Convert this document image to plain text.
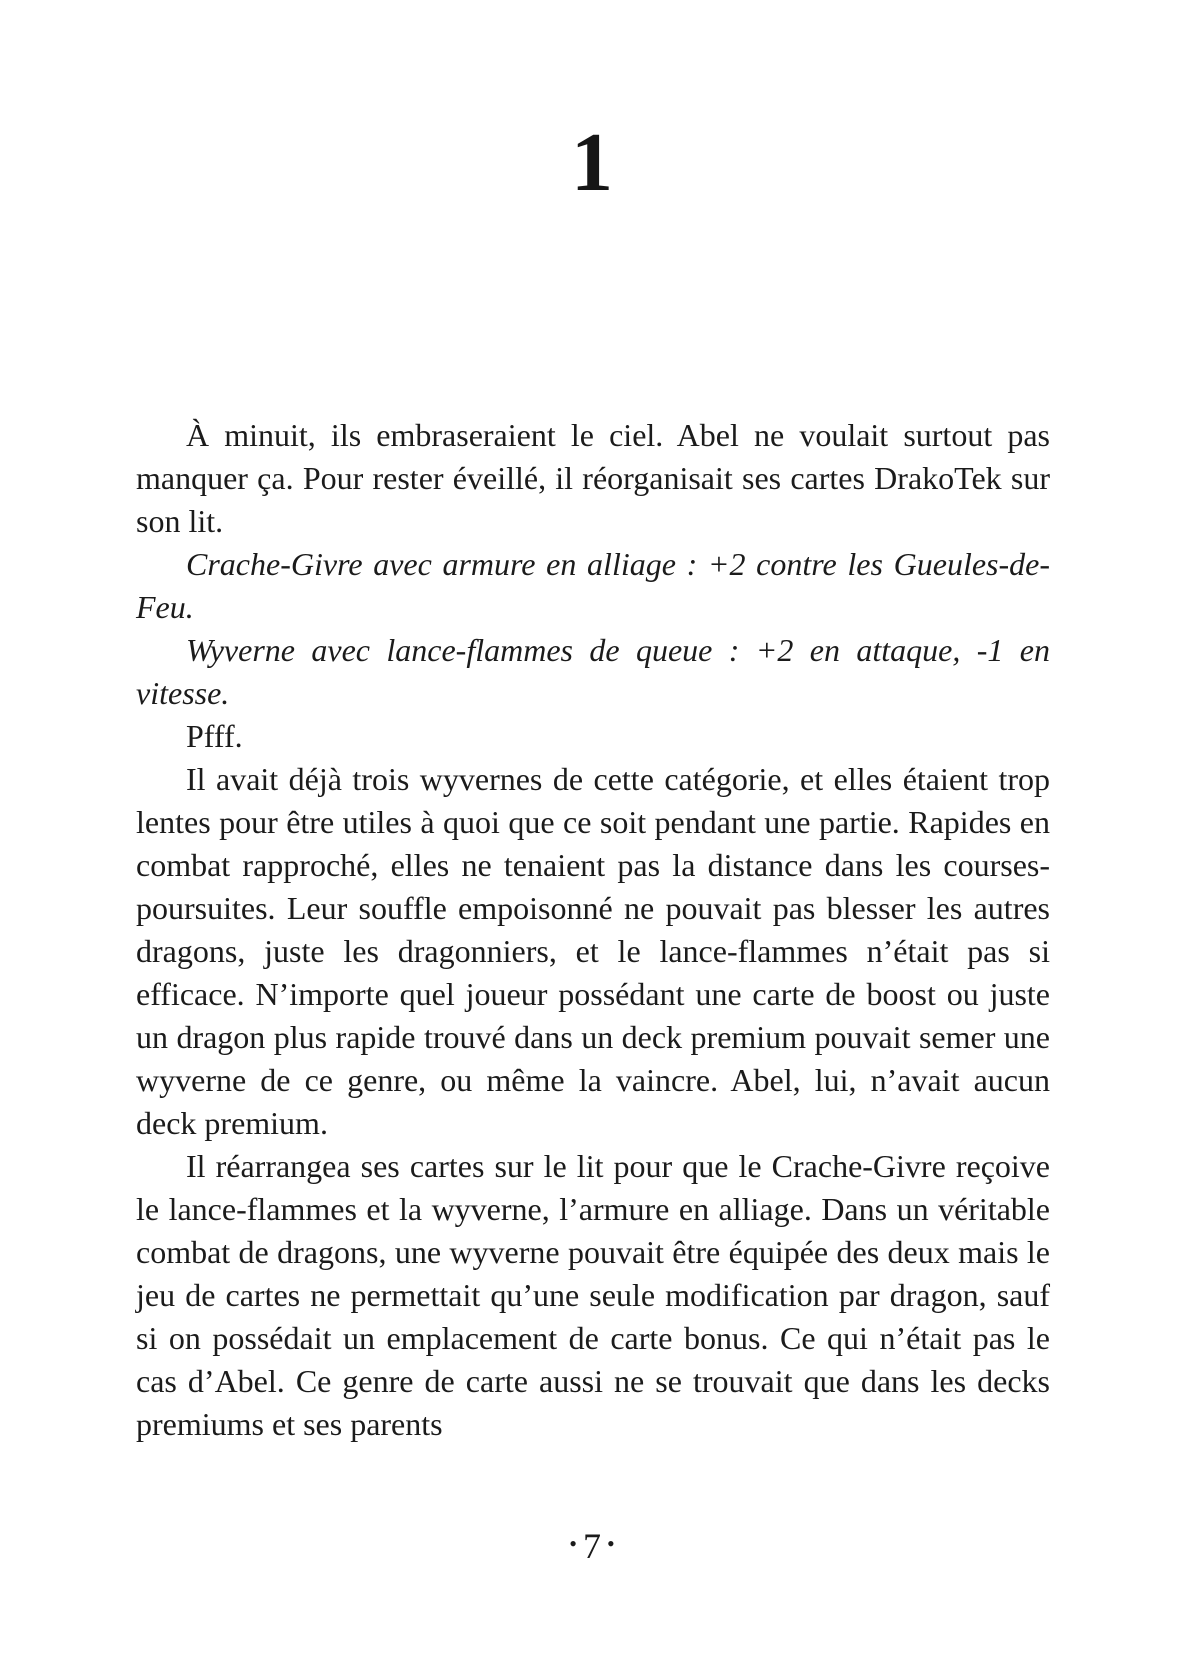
1

À minuit, ils embraseraient le ciel. Abel ne voulait surtout pas manquer ça. Pour rester éveillé, il réorganisait ses cartes DrakoTek sur son lit.

Crache-Givre avec armure en alliage : +2 contre les Gueules-de-Feu.

Wyverne avec lance-flammes de queue : +2 en attaque, -1 en vitesse.

Pfff.

Il avait déjà trois wyvernes de cette catégorie, et elles étaient trop lentes pour être utiles à quoi que ce soit pendant une partie. Rapides en combat rapproché, elles ne tenaient pas la distance dans les courses-poursuites. Leur souffle empoisonné ne pouvait pas blesser les autres dragons, juste les dragonniers, et le lance-flammes n’était pas si efficace. N’importe quel joueur possédant une carte de boost ou juste un dragon plus rapide trouvé dans un deck premium pouvait semer une wyverne de ce genre, ou même la vaincre. Abel, lui, n’avait aucun deck premium.

Il réarrangea ses cartes sur le lit pour que le Crache-Givre reçoive le lance-flammes et la wyverne, l’armure en alliage. Dans un véritable combat de dragons, une wyverne pouvait être équipée des deux mais le jeu de cartes ne permettait qu’une seule modification par dragon, sauf si on possédait un emplacement de carte bonus. Ce qui n’était pas le cas d’Abel. Ce genre de carte aussi ne se trouvait que dans les decks premiums et ses parents

• 7 •
